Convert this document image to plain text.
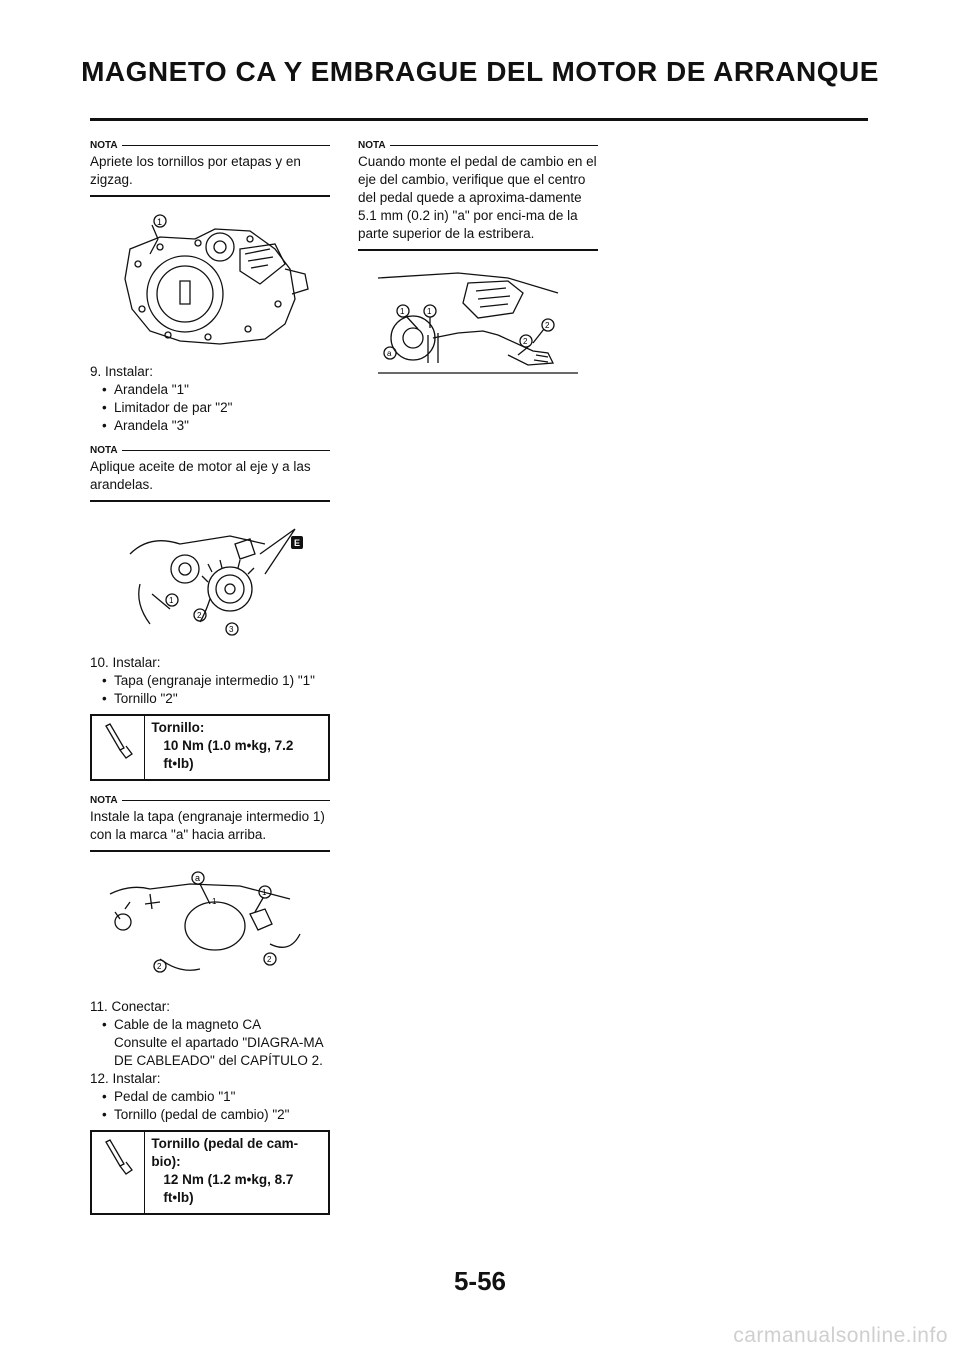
MAGNETO CA Y EMBRAGUE DEL MOTOR DE ARRANQUE
NOTA
Apriete los tornillos por etapas y en zigzag.
1
9. Instalar:
• Arandela "1"
• Limitador de par "2"
• Arandela "3"
NOTA
Aplique aceite de motor al eje y a las arandelas.
E
1
2
3
10. Instalar:
• Tapa (engranaje intermedio 1) "1"
• Tornillo "2"
Tornillo:
10 Nm (1.0 m•kg, 7.2 ft•lb)
NOTA
Instale la tapa (engranaje intermedio 1) con la marca "a" hacia arriba.
a
1
1
2
2
11. Conectar:
• Cable de la magneto CA
Consulte el apartado "DIAGRA-MA DE CABLEADO" del CAPÍTULO 2.
12. Instalar:
• Pedal de cambio "1"
• Tornillo (pedal de cambio) "2"
Tornillo (pedal de cam-bio):
12 Nm (1.2 m•kg, 8.7 ft•lb)
NOTA
Cuando monte el pedal de cambio en el eje del cambio, verifique que el centro del pedal quede a aproxima-damente 5.1 mm (0.2 in) "a" por enci-ma de la parte superior de la estribera.
1	1
2
2
a
5-56
carmanualsonline.info
